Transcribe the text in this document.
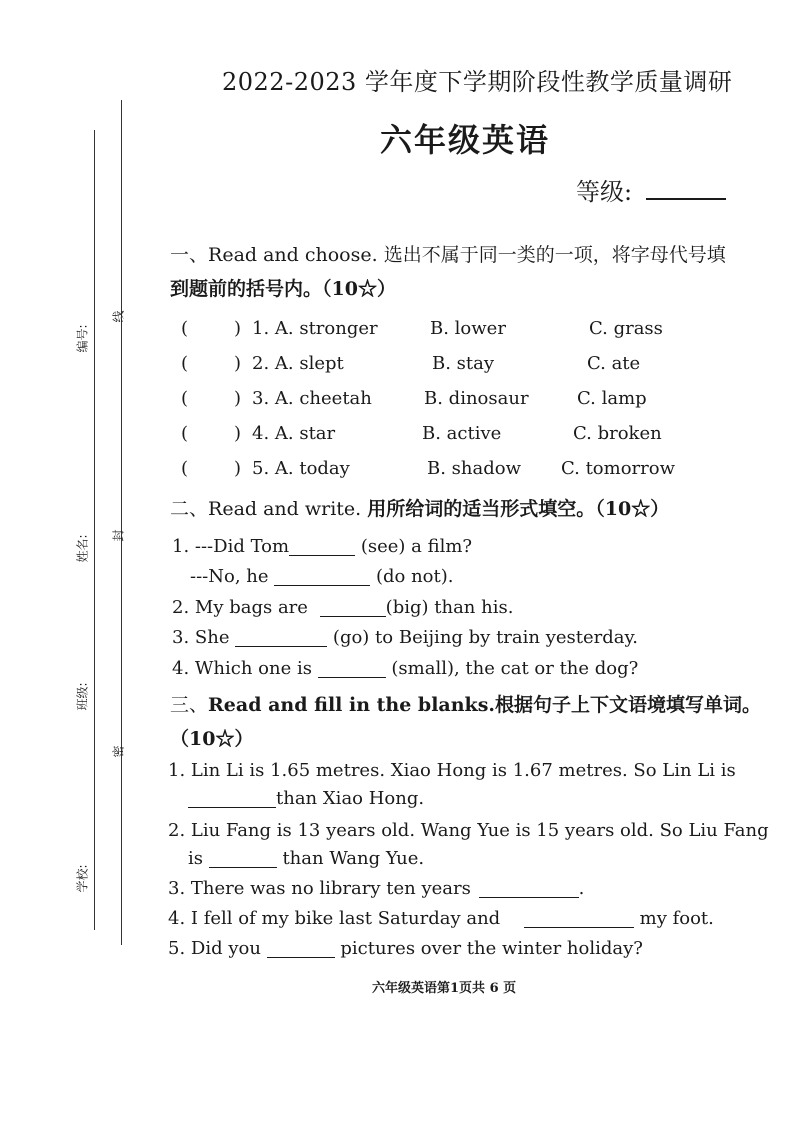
编号:
线
姓名: 封
班级:
密
学校:
2022-2023 学年度下学期阶段性教学质量调研
六年级英语
等级:
一、Read and choose. 选出不属于同一类的一项，将字母代号填
到题前的括号内。（10☆）
(	) 1. A. stronger	B. lower	C. grass
(	) 2. A. slept	B. stay	C. ate
(	) 3. A. cheetah	B. dinosaur	C. lamp
(	) 4. A. star	B. active	C. broken
(	) 5. A. today	B. shadow C. tomorrow
二、Read and write. 用所给词的适当形式填空。（10☆）
1. ---Did Tom	(see) a film?
---No, he	(do not).
2. My bags are	(big) than his.
3. She	(go) to Beijing by train yesterday.
4. Which one is	(small), the cat or the dog?
三、Read and fill in the blanks.根据句子上下文语境填写单词。
（10☆）
1. Lin Li is 1.65 metres. Xiao Hong is 1.67 metres. So Lin Li is
than Xiao Hong.
2. Liu Fang is 13 years old. Wang Yue is 15 years old. So Liu Fang
is	than Wang Yue.
3. There was no library ten years	.
4. I fell of my bike last Saturday and	my foot.
5. Did you	pictures over the winter holiday?
六年级英语第1页共 6 页
